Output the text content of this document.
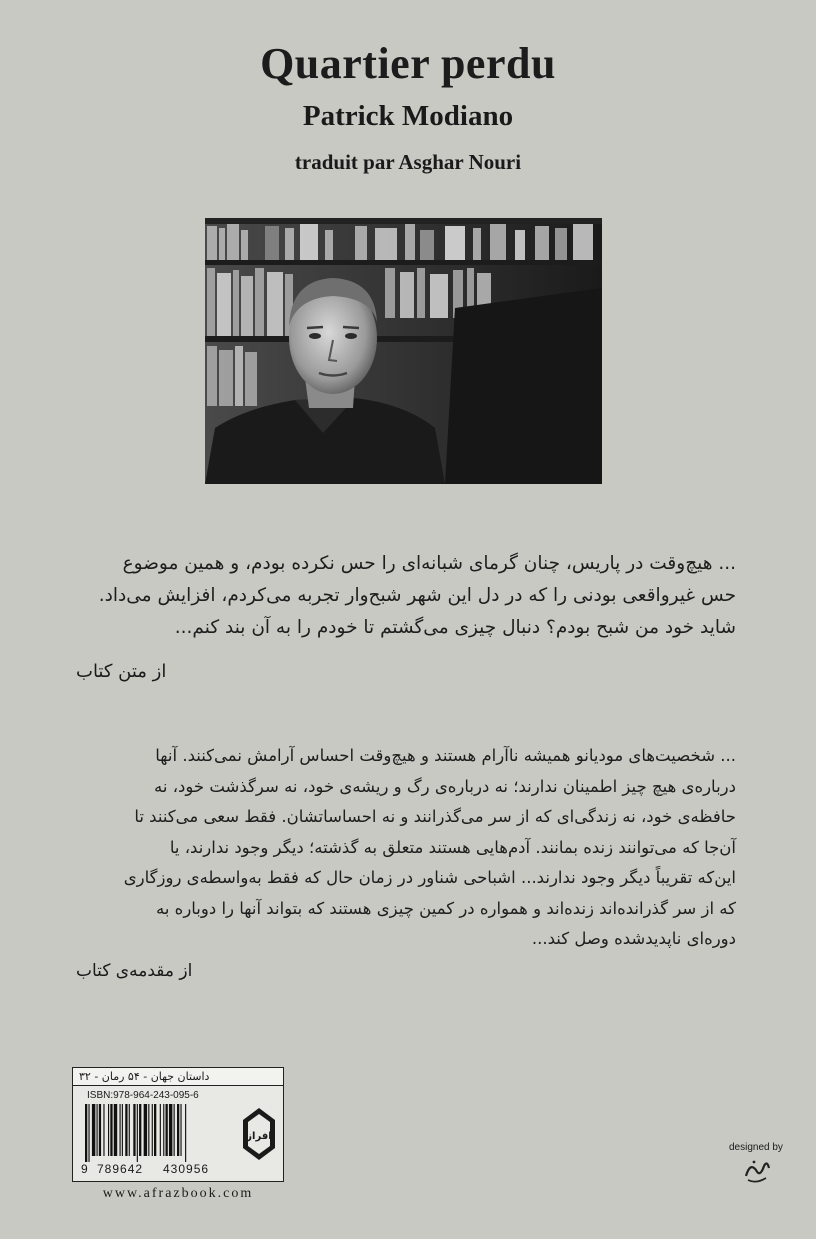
Quartier perdu
Patrick Modiano
traduit par Asghar Nouri
... هیچ‌وقت در پاریس، چنان گرمای شبانه‌ای را حس نکرده بودم، و همین موضوع
حس غیرواقعی بودنی را که در دل این شهر شبح‌وار تجربه می‌کردم، افزایش می‌داد.
شاید خود من شبح بودم؟ دنبال چیزی می‌گشتم تا خودم را به آن بند کنم...
از متن کتاب
... شخصیت‌های مودیانو همیشه ناآرام هستند و هیچ‌وقت احساس آرامش نمی‌کنند. آنها
درباره‌ی هیچ چیز اطمینان ندارند؛ نه درباره‌ی رگ و ریشه‌ی خود، نه سرگذشت خود، نه
حافظه‌ی خود، نه زندگی‌ای که از سر می‌گذرانند و نه احساساتشان. فقط سعی می‌کنند تا
آن‌جا که می‌توانند زنده بمانند. آدم‌هایی هستند متعلق به گذشته؛ دیگر وجود ندارند، یا
این‌که تقریباً دیگر وجود ندارند... اشباحی شناور در زمان حال که فقط به‌واسطه‌ی روزگاری
که از سر گذرانده‌اند زنده‌اند و همواره در کمین چیزی هستند که بتواند آنها را دوباره به
دوره‌ای ناپدیدشده وصل کند...
از مقدمه‌ی کتاب
داستان جهان - ۵۴ رمان - ۳۲
ISBN:978-964-243-095-6
9 789642 430956
افراز
www.afrazbook.com
designed by
